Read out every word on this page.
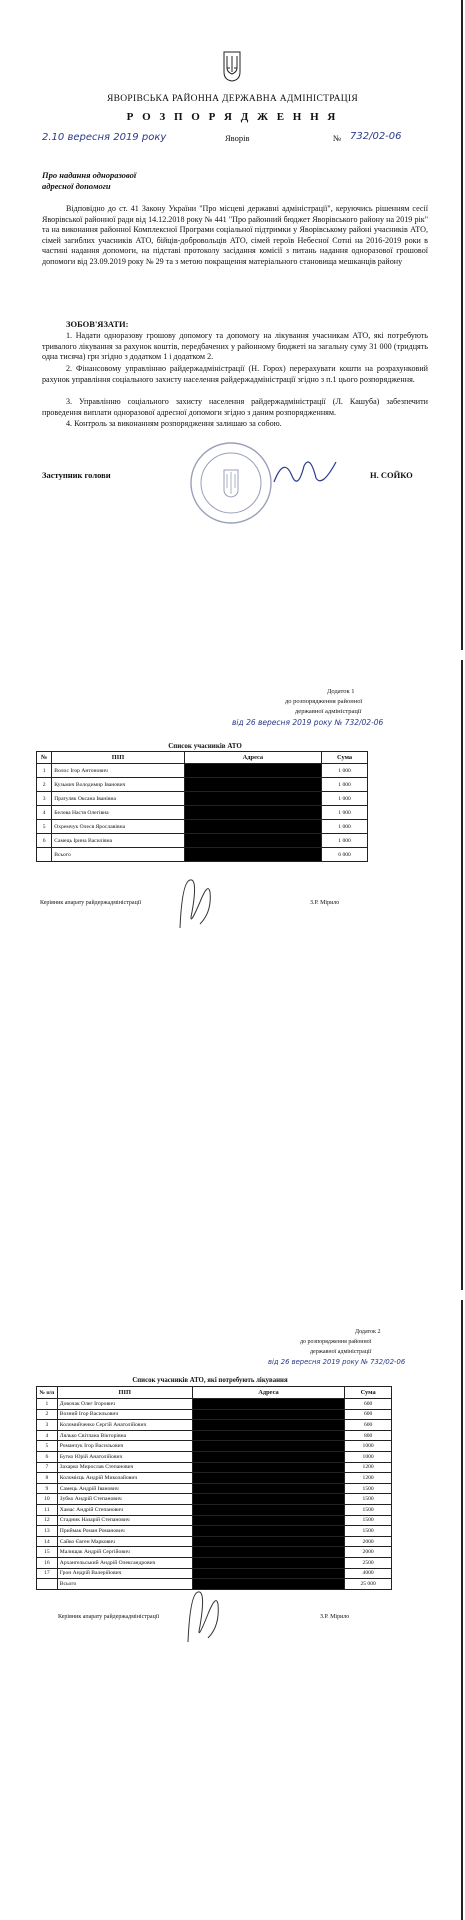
ЯВОРІВСЬКА РАЙОННА ДЕРЖАВНА АДМІНІСТРАЦІЯ
Р О З П О Р Я Д Ж Е Н Н Я
2.10 вересня 2019 року	Яворів	№ 732/02-06
Про надання одноразової
адресної допомоги
Відповідно до ст. 41 Закону України "Про місцеві державні адміністрації", керуючись рішенням сесії Яворівської районної ради від 14.12.2018 року № 441 "Про районний бюджет Яворівського району на 2019 рік" та на виконання районної Комплексної Програми соціальної підтримки у Яворівському районі учасників АТО, сімей загиблих учасників АТО, бійців-добровольців АТО, сімей героїв Небесної Сотні на 2016-2019 роки в частині надання допомоги, на підставі протоколу засідання комісії з питань надання одноразової грошової допомоги від 23.09.2019 року № 29 та з метою покращення матеріального становища мешканців району
ЗОБОВ'ЯЗАТИ:
1. Надати одноразову грошову допомогу та допомогу на лікування учасникам АТО, які потребують тривалого лікування за рахунок коштів, передбачених у районному бюджеті на загальну суму 31 000 (тридцять одна тисяча) грн згідно з додатком 1 і додатком 2.
2. Фінансовому управлінню райдержадміністрації (Н. Горох) перерахувати кошти на розрахунковий рахунок управління соціального захисту населення райдержадміністрації згідно з п.1 цього розпорядження.
3. Управлінню соціального захисту населення райдержадміністрації (Л. Кашуба) забезпечити проведення виплати одноразової адресної допомоги згідно з даним розпорядженням.
4. Контроль за виконанням розпорядження залишаю за собою.
Заступник голови	Н. СОЙКО
Додаток 1
до розпорядження районної
державної адміністрації
від 26 вересня 2019 року № 732/02-06
Список учасників АТО
№	ПІП	Адреса	Сума
1	Волос Ігор Антонович		1 000
2	Кузьмич Володимир Іванович		1 000
3	Пратуляк Оксана Іванівна		1 000
4	Белова Настя Олегівна		1 000
5	Охремчук Олеся Ярославівна		1 000
6	Самець Ірина Василівна		1 000
	Всього		6 000
Керівник апарату райдержадміністрації	З.Р. Мірило
Додаток 2
до розпорядження районної
державної адміністрації
від 26 вересня 2019 року № 732/02-06
Список учасників АТО, які потребують лікування
№ п/п	ПІП	Адреса	Сума
1	Довочак Олег Ігорович		600
2	Возний Ігор Васильович		600
3	Коломийченко Сергій Анатолійович		600
4	Лялько Світлана Вікторівна		800
5	Романчук Ігор Васильович		1000
6	Бутко Юрій Анатолійович		1000
7	Захарко Мирослав Степанович		1200
8	Коломієць Андрій Миколайович		1200
9	Самець Андрій Іванович		1500
10	Зубко Андрій Степанович		1500
11	Хамас Андрій Степанович		1500
12	Стадник Назарій Степанович		1500
13	Приймак Роман Романович		1500
14	Сайко Євген Маркович		2000
15	Малищак Андрій Сергійович		2000
16	Архангельський Андрій Олександрович		2500
17	Грон Андрій Валерійович		4000
	Всього		25 000
Керівник апарату райдержадміністрації	З.Р. Мірило
